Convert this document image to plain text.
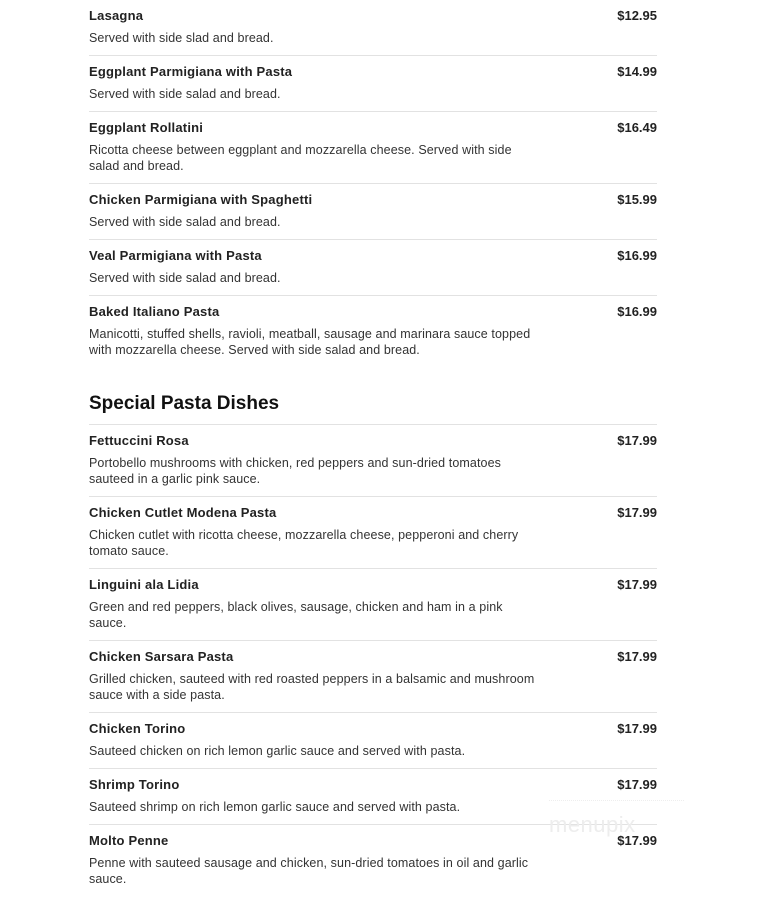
Lasagna
Served with side slad and bread.
$12.95
Eggplant Parmigiana with Pasta
Served with side salad and bread.
$14.99
Eggplant Rollatini
Ricotta cheese between eggplant and mozzarella cheese. Served with side salad and bread.
$16.49
Chicken Parmigiana with Spaghetti
Served with side salad and bread.
$15.99
Veal Parmigiana with Pasta
Served with side salad and bread.
$16.99
Baked Italiano Pasta
Manicotti, stuffed shells, ravioli, meatball, sausage and marinara sauce topped with mozzarella cheese. Served with side salad and bread.
$16.99
Special Pasta Dishes
Fettuccini Rosa
Portobello mushrooms with chicken, red peppers and sun-dried tomatoes sauteed in a garlic pink sauce.
$17.99
Chicken Cutlet Modena Pasta
Chicken cutlet with ricotta cheese, mozzarella cheese, pepperoni and cherry tomato sauce.
$17.99
Linguini ala Lidia
Green and red peppers, black olives, sausage, chicken and ham in a pink sauce.
$17.99
Chicken Sarsara Pasta
Grilled chicken, sauteed with red roasted peppers in a balsamic and mushroom sauce with a side pasta.
$17.99
Chicken Torino
Sauteed chicken on rich lemon garlic sauce and served with pasta.
$17.99
Shrimp Torino
Sauteed shrimp on rich lemon garlic sauce and served with pasta.
$17.99
Molto Penne
Penne with sauteed sausage and chicken, sun-dried tomatoes in oil and garlic sauce.
$17.99
menupix
